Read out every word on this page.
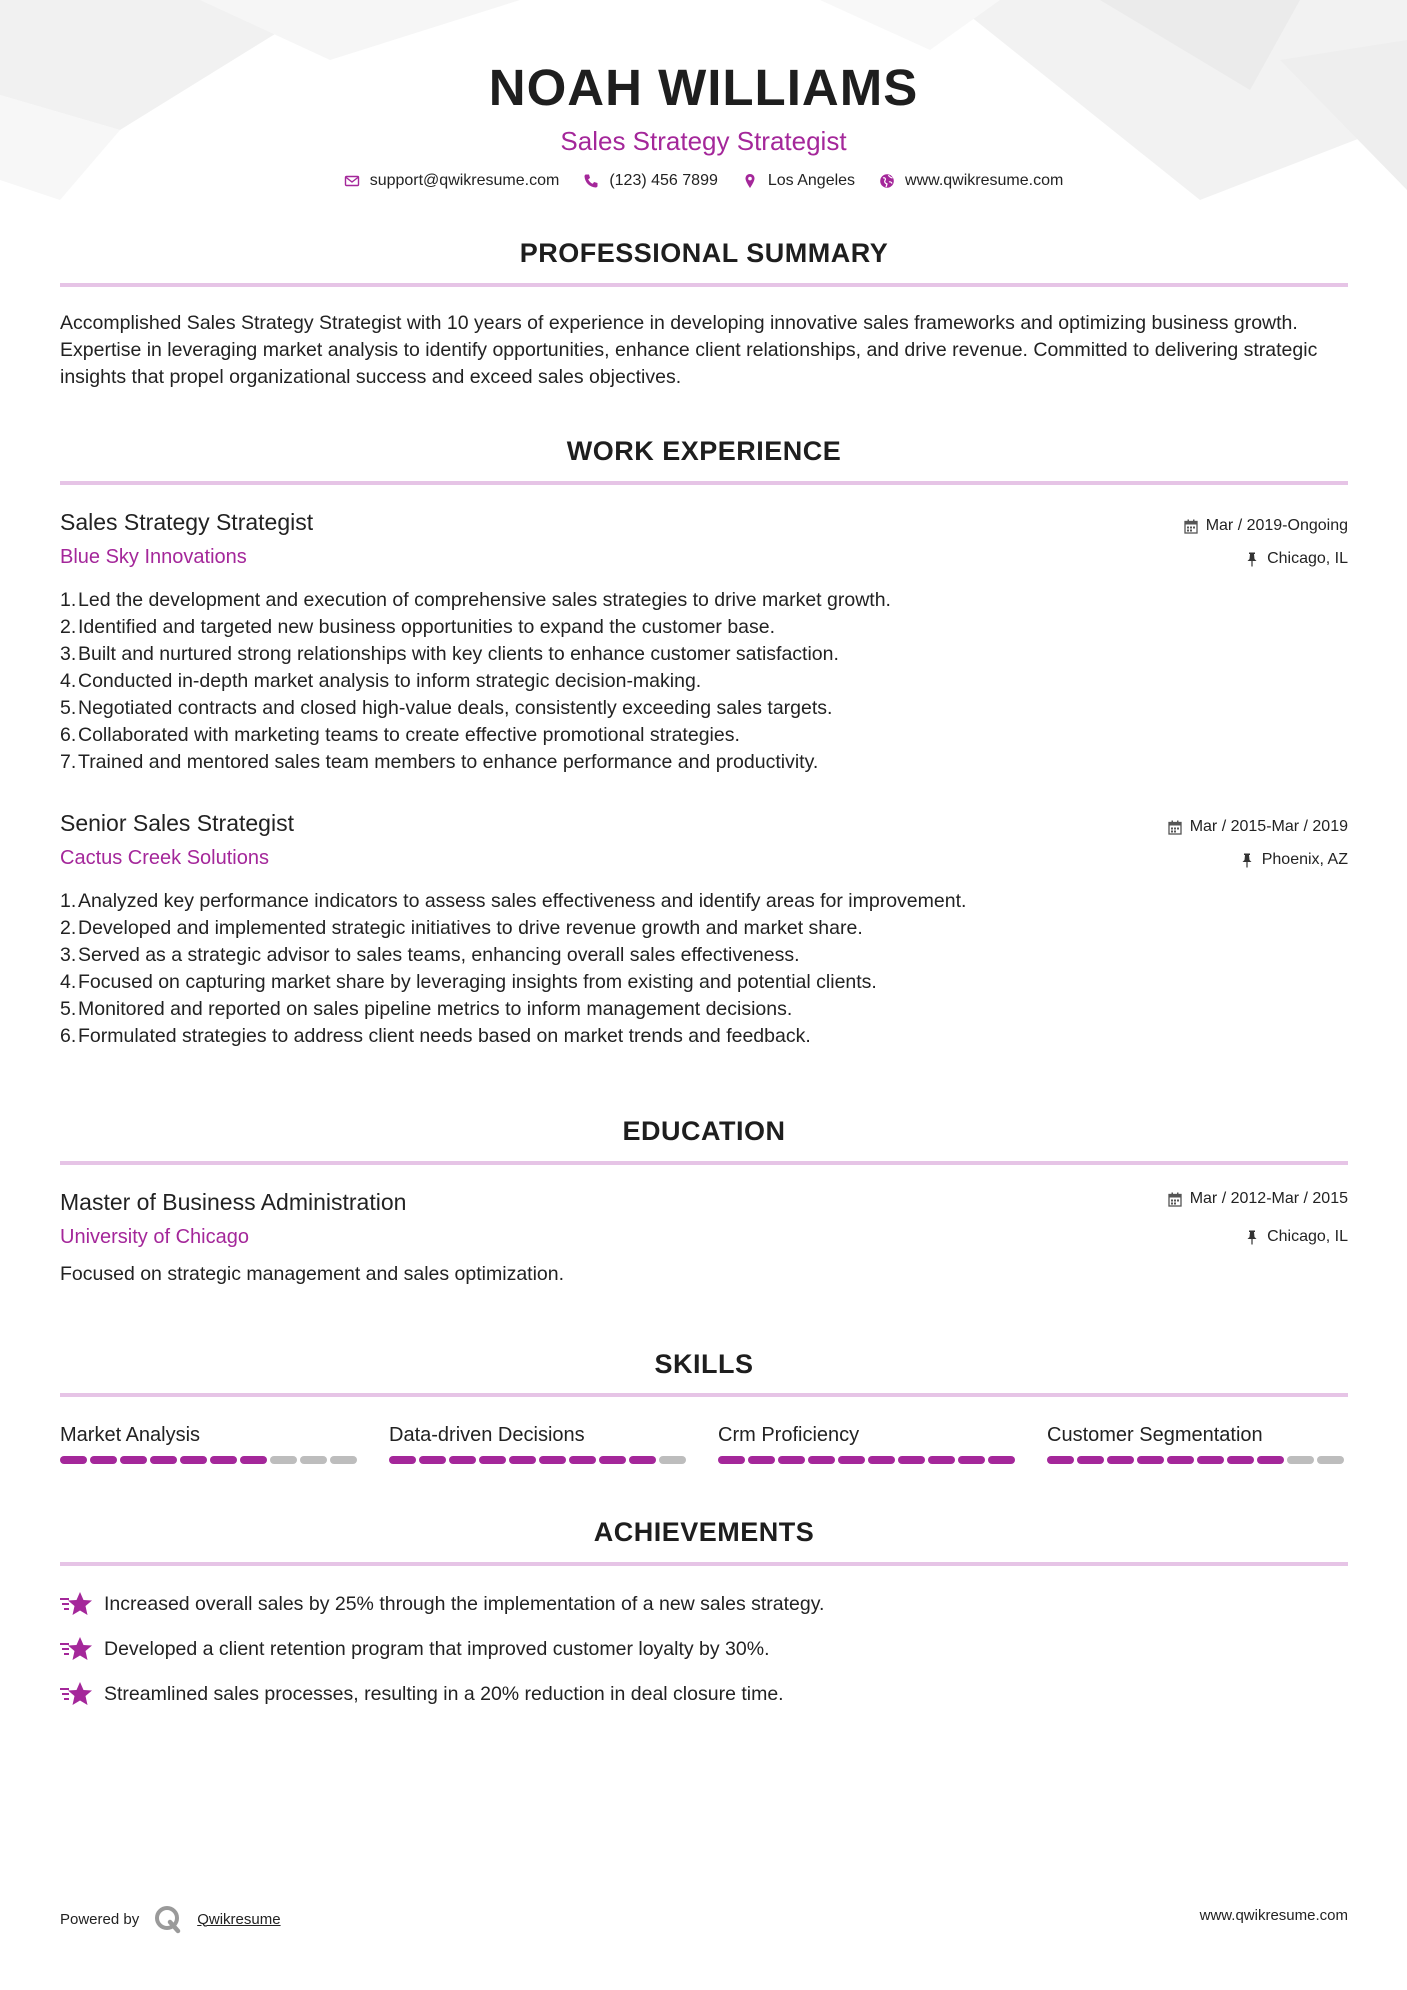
NOAH WILLIAMS
Sales Strategy Strategist
support@qwikresume.com	(123) 456 7899	Los Angeles	www.qwikresume.com
PROFESSIONAL SUMMARY
Accomplished Sales Strategy Strategist with 10 years of experience in developing innovative sales frameworks and optimizing business growth. Expertise in leveraging market analysis to identify opportunities, enhance client relationships, and drive revenue. Committed to delivering strategic insights that propel organizational success and exceed sales objectives.
WORK EXPERIENCE
Sales Strategy Strategist
Blue Sky Innovations
Mar / 2019-Ongoing
Chicago, IL
1. Led the development and execution of comprehensive sales strategies to drive market growth.
2. Identified and targeted new business opportunities to expand the customer base.
3. Built and nurtured strong relationships with key clients to enhance customer satisfaction.
4. Conducted in-depth market analysis to inform strategic decision-making.
5. Negotiated contracts and closed high-value deals, consistently exceeding sales targets.
6. Collaborated with marketing teams to create effective promotional strategies.
7. Trained and mentored sales team members to enhance performance and productivity.
Senior Sales Strategist
Cactus Creek Solutions
Mar / 2015-Mar / 2019
Phoenix, AZ
1. Analyzed key performance indicators to assess sales effectiveness and identify areas for improvement.
2. Developed and implemented strategic initiatives to drive revenue growth and market share.
3. Served as a strategic advisor to sales teams, enhancing overall sales effectiveness.
4. Focused on capturing market share by leveraging insights from existing and potential clients.
5. Monitored and reported on sales pipeline metrics to inform management decisions.
6. Formulated strategies to address client needs based on market trends and feedback.
EDUCATION
Master of Business Administration
University of Chicago
Mar / 2012-Mar / 2015
Chicago, IL
Focused on strategic management and sales optimization.
SKILLS
Market Analysis	Data-driven Decisions	Crm Proficiency	Customer Segmentation
ACHIEVEMENTS
Increased overall sales by 25% through the implementation of a new sales strategy.
Developed a client retention program that improved customer loyalty by 30%.
Streamlined sales processes, resulting in a 20% reduction in deal closure time.
Powered by	Qwikresume	www.qwikresume.com
